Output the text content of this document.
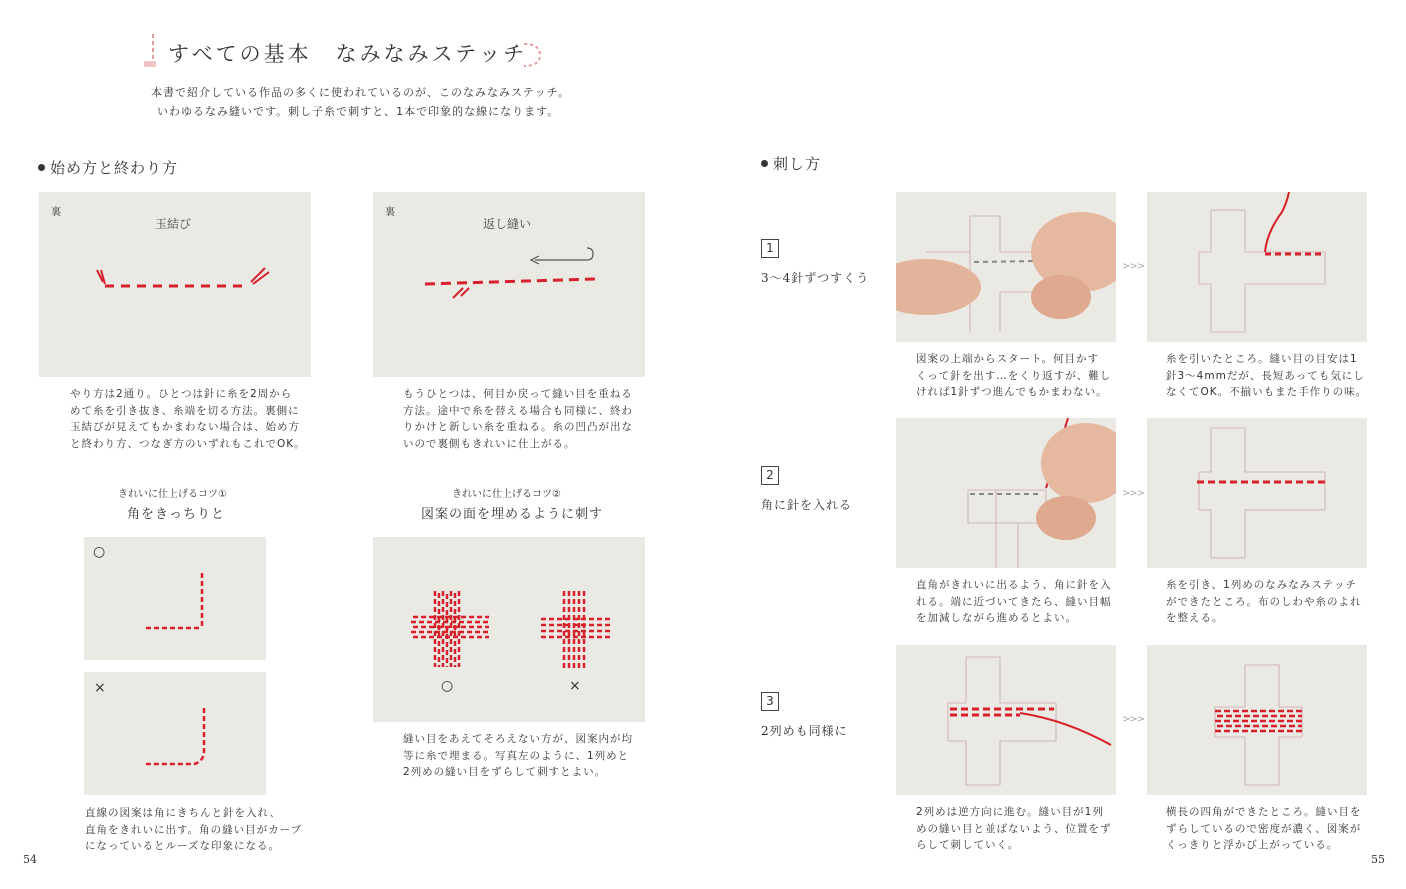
すべての基本　なみなみステッチ
本書で紹介している作品の多くに使われているのが、このなみなみステッチ。
いわゆるなみ縫いです。刺し子糸で刺すと、1本で印象的な線になります。
始め方と終わり方
裏
玉結び
裏
返し縫い
やり方は2通り。ひとつは針に糸を2周から
めて糸を引き抜き、糸端を切る方法。裏側に
玉結びが見えてもかまわない場合は、始め方
と終わり方、つなぎ方のいずれもこれでOK。
もうひとつは、何目か戻って縫い目を重ねる
方法。途中で糸を替える場合も同様に、終わ
りかけと新しい糸を重ねる。糸の凹凸が出な
いので裏側もきれいに仕上がる。
きれいに仕上げるコツ①
角をきっちりと
きれいに仕上げるコツ②
図案の面を埋めるように刺す
○
×	○	×
直線の図案は角にきちんと針を入れ、
直角をきれいに出す。角の縫い目がカーブ
になっているとルーズな印象になる。
縫い目をあえてそろえない方が、図案内が均
等に糸で埋まる。写真左のように、1列めと
2列めの縫い目をずらして刺すとよい。
54
刺し方
1
3～4針ずつすくう
>>>
図案の上端からスタート。何目かす
くって針を出す…をくり返すが、難し
ければ1針ずつ進んでもかまわない。
糸を引いたところ。縫い目の目安は1
針3～4mmだが、長短あっても気にし
なくてOK。不揃いもまた手作りの味。
2
角に針を入れる
>>>
直角がきれいに出るよう、角に針を入
れる。端に近づいてきたら、縫い目幅
を加減しながら進めるとよい。
糸を引き、1列めのなみなみステッチ
ができたところ。布のしわや糸のよれ
を整える。
3
2列めも同様に
>>>
2列めは逆方向に進む。縫い目が1列
めの縫い目と並ばないよう、位置をず
らして刺していく。
横長の四角ができたところ。縫い目を
ずらしているので密度が濃く、図案が
くっきりと浮かび上がっている。
55
